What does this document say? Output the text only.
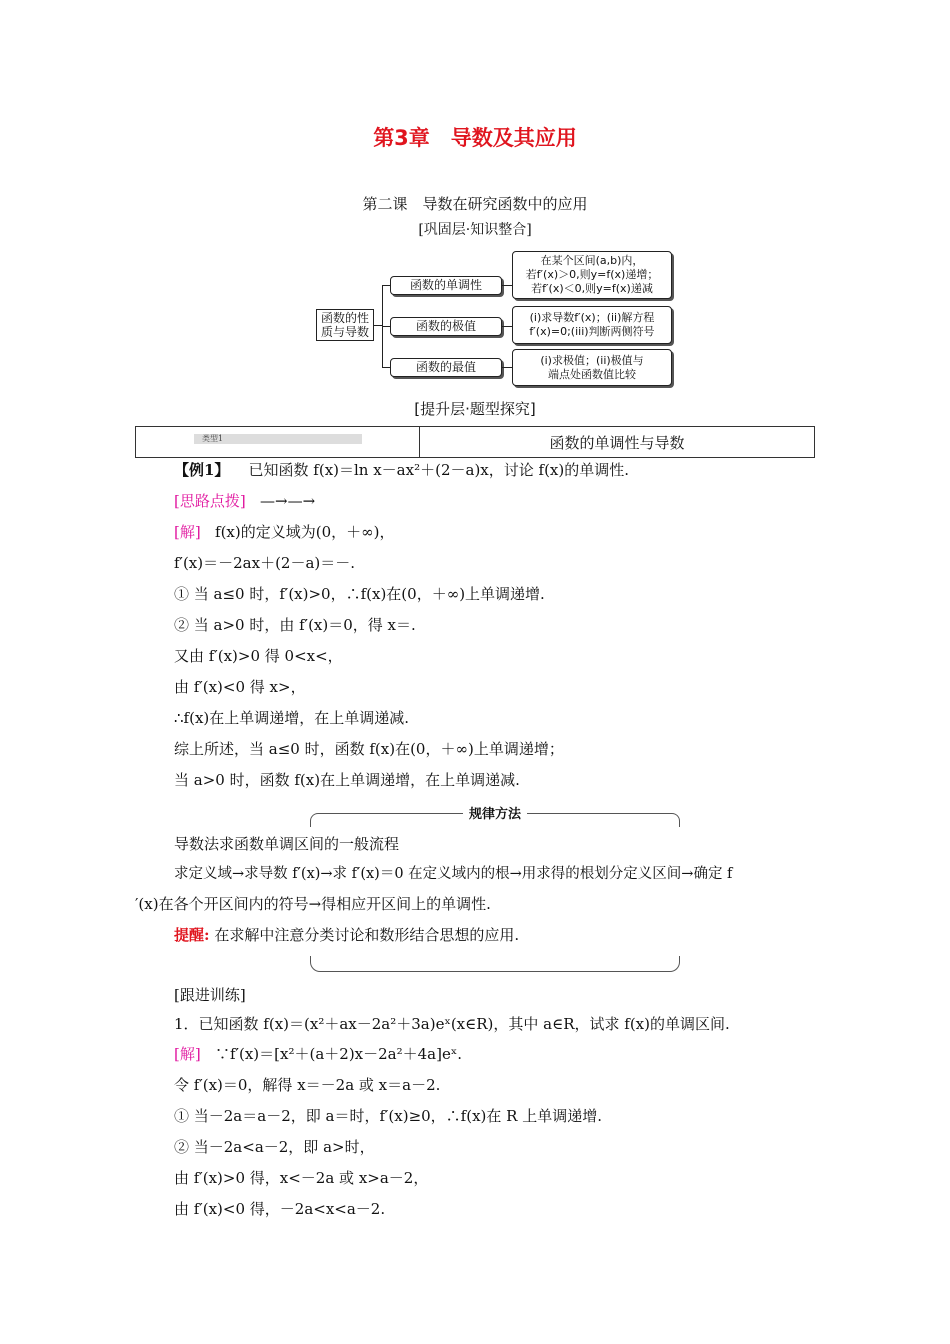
第3章　导数及其应用
第二课　导数在研究函数中的应用
[巩固层·知识整合]
函数的性质与导数
函数的单调性
函数的极值
函数的最值
在某个区间(a,b)内，
若f′(x)＞0,则y=f(x)递增；
若f′(x)＜0,则y=f(x)递减
(i)求导数f′(x)；(ii)解方程
f′(x)=0;(iii)判断两侧符号
(i)求极值；(ii)极值与
端点处函数值比较
[提升层·题型探究]
类型1	函数的单调性与导数
【例1】 已知函数 f(x)＝ln x－ax²＋(2－a)x，讨论 f(x)的单调性.
[思路点拨] —→—→
[解] f(x)的定义域为(0，＋∞)，
f′(x)＝－2ax＋(2－a)＝－.
① 当 a≤0 时，f′(x)>0，∴f(x)在(0，＋∞)上单调递增.
② 当 a>0 时，由 f′(x)＝0，得 x＝.
又由 f′(x)>0 得 0<x<，
由 f′(x)<0 得 x>，
∴f(x)在上单调递增，在上单调递减.
综上所述，当 a≤0 时，函数 f(x)在(0，＋∞)上单调递增；
当 a>0 时，函数 f(x)在上单调递增，在上单调递减.
规律方法
导数法求函数单调区间的一般流程
求定义域→求导数 f′(x)→求 f′(x)＝0 在定义域内的根→用求得的根划分定义区间→确定 f
′(x)在各个开区间内的符号→得相应开区间上的单调性.
提醒: 在求解中注意分类讨论和数形结合思想的应用.
[跟进训练]
1．已知函数 f(x)＝(x²＋ax－2a²＋3a)eˣ(x∈R)，其中 a∈R，试求 f(x)的单调区间.
[解] ∵f′(x)＝[x²＋(a＋2)x－2a²＋4a]eˣ.
令 f′(x)＝0，解得 x＝－2a 或 x＝a－2.
① 当－2a＝a－2，即 a＝时，f′(x)≥0，∴f(x)在 R 上单调递增.
② 当－2a<a－2，即 a>时，
由 f′(x)>0 得，x<－2a 或 x>a－2，
由 f′(x)<0 得，－2a<x<a－2.
